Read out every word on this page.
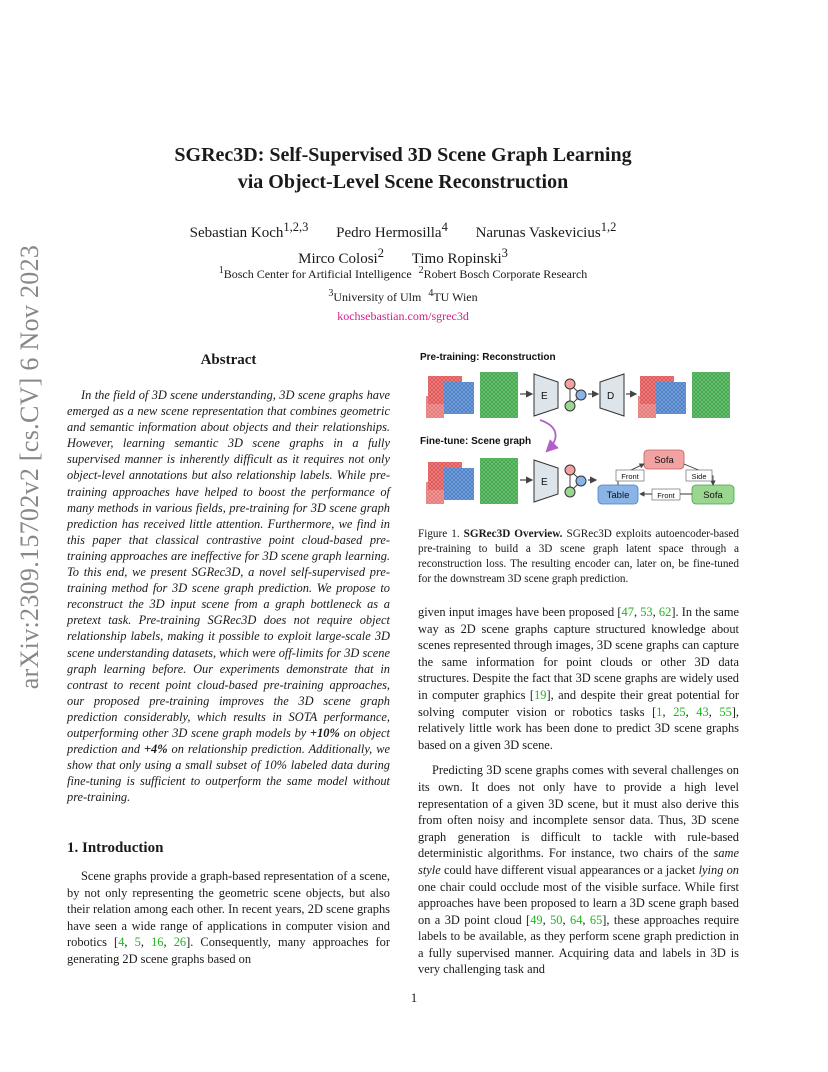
arXiv:2309.15702v2 [cs.CV] 6 Nov 2023
SGRec3D: Self-Supervised 3D Scene Graph Learning
via Object-Level Scene Reconstruction
Sebastian Koch$^{1,2,3}$ Pedro Hermosilla$^4$ Narunas Vaskevicius$^{1,2}$
Mirco Colosi$^2$ Timo Ropinski$^3$
$^1$Bosch Center for Artificial Intelligence $^2$Robert Bosch Corporate Research
$^3$University of Ulm $^4$TU Wien
kochsebastian.com/sgrec3d
Abstract

In the field of 3D scene understanding, 3D scene graphs have emerged as a new scene representation that combines geometric and semantic information about objects and their relationships. However, learning semantic 3D scene graphs in a fully supervised manner is inherently difficult as it requires not only object-level annotations but also relationship labels. While pre-training approaches have helped to boost the performance of many methods in various fields, pre-training for 3D scene graph prediction has received little attention. Furthermore, we find in this paper that classical contrastive point cloud-based pre-training approaches are ineffective for 3D scene graph learning. To this end, we present SGRec3D, a novel self-supervised pre-training method for 3D scene graph prediction. We propose to reconstruct the 3D input scene from a graph bottleneck as a pretext task. Pre-training SGRec3D does not require object relationship labels, making it possible to exploit large-scale 3D scene understanding datasets, which were off-limits for 3D scene graph learning before. Our experiments demonstrate that in contrast to recent point cloud-based pre-training approaches, our proposed pre-training improves the 3D scene graph prediction considerably, which results in SOTA performance, outperforming other 3D scene graph models by +10% on object prediction and +4% on relationship prediction. Additionally, we show that only using a small subset of 10% labeled data during fine-tuning is sufficient to outperform the same model without pre-training.

1. Introduction

Scene graphs provide a graph-based representation of a scene, by not only representing the geometric scene objects, but also their relation among each other. In recent years, 2D scene graphs have seen a wide range of applications in computer vision and robotics [4, 5, 16, 26]. Consequently, many approaches for generating 2D scene graphs based on

Pre-training: Reconstruction
E	D
Fine-tune: Scene graph
E
Sofa
Table	Sofa
Front	Side
Front
Figure 1. SGRec3D Overview. SGRec3D exploits autoencoder-based pre-training to build a 3D scene graph latent space through a reconstruction loss. The resulting encoder can, later on, be fine-tuned for the downstream 3D scene graph prediction.

given input images have been proposed [47, 53, 62]. In the same way as 2D scene graphs capture structured knowledge about scenes represented through images, 3D scene graphs can capture the same information for point clouds or other 3D data structures. Despite the fact that 3D scene graphs are widely used in computer graphics [19], and despite their great potential for solving computer vision or robotics tasks [1, 25, 43, 55], relatively little work has been done to predict 3D scene graphs based on a given 3D scene.

Predicting 3D scene graphs comes with several challenges on its own. It does not only have to provide a high level representation of a given 3D scene, but it must also derive this from often noisy and incomplete sensor data. Thus, 3D scene graph generation is difficult to tackle with rule-based deterministic algorithms. For instance, two chairs of the same style could have different visual appearances or a jacket lying on one chair could occlude most of the visible surface. While first approaches have been proposed to learn a 3D scene graph based on a 3D point cloud [49, 50, 64, 65], these approaches require labels to be available, as they perform scene graph prediction in a fully supervised manner. Acquiring data and labels in 3D is very challenging task and

1
